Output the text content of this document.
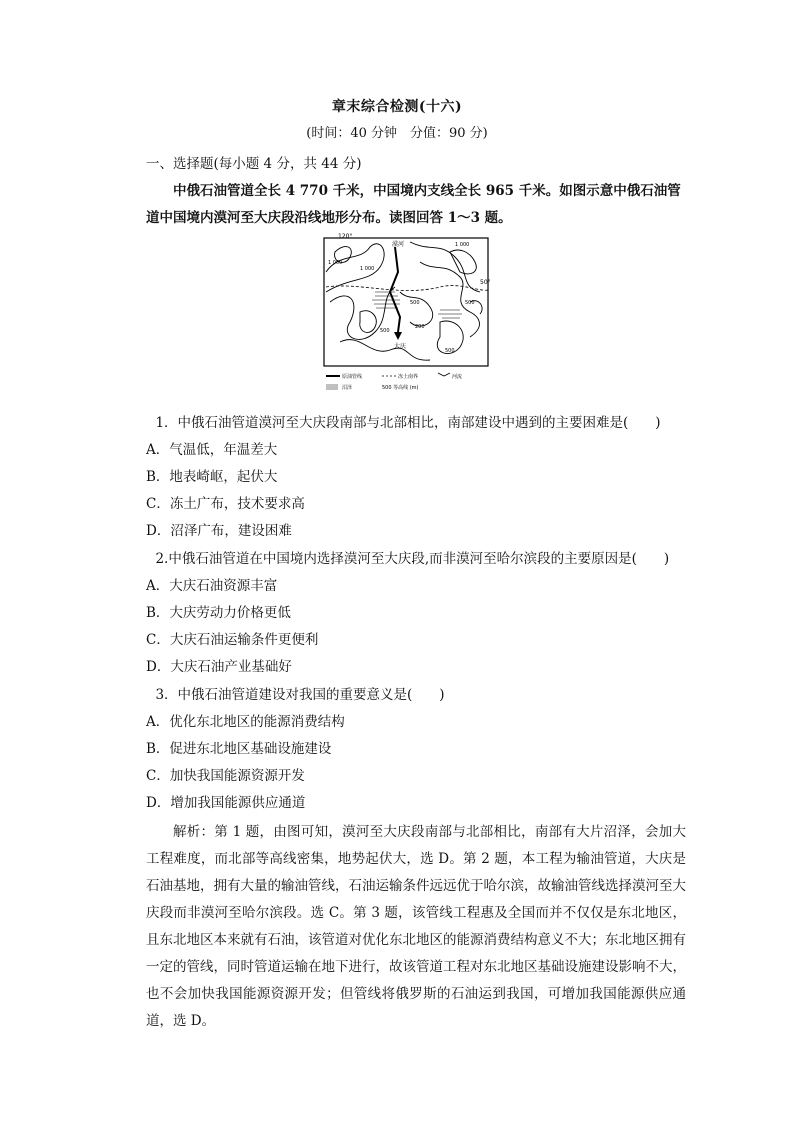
章末综合检测(十六)
(时间：40 分钟　分值：90 分)
一、选择题(每小题 4 分，共 44 分)
中俄石油管道全长 4 770 千米，中国境内支线全长 965 千米。如图示意中俄石油管道中国境内漠河至大庆段沿线地形分布。读图回答 1～3 题。
120°
50°
漠河
大庆
1 000
1 000
1 000
500	500
500
200
500
原油管线	冻土南界	河流
沼泽	500 等高线 (m)

1．中俄石油管道漠河至大庆段南部与北部相比，南部建设中遇到的主要困难是(　　)

A．气温低，年温差大

B．地表崎岖，起伏大

C．冻土广布，技术要求高

D．沼泽广布，建设困难

2.中俄石油管道在中国境内选择漠河至大庆段,而非漠河至哈尔滨段的主要原因是(　　)

A．大庆石油资源丰富

B．大庆劳动力价格更低

C．大庆石油运输条件更便利

D．大庆石油产业基础好

3．中俄石油管道建设对我国的重要意义是(　　)

A．优化东北地区的能源消费结构

B．促进东北地区基础设施建设

C．加快我国能源资源开发

D．增加我国能源供应通道

解析：第 1 题，由图可知，漠河至大庆段南部与北部相比，南部有大片沼泽，会加大工程难度，而北部等高线密集，地势起伏大，选 D。第 2 题，本工程为输油管道，大庆是石油基地，拥有大量的输油管线，石油运输条件远远优于哈尔滨，故输油管线选择漠河至大庆段而非漠河至哈尔滨段。选 C。第 3 题，该管线工程惠及全国而并不仅仅是东北地区，且东北地区本来就有石油，该管道对优化东北地区的能源消费结构意义不大；东北地区拥有一定的管线，同时管道运输在地下进行，故该管道工程对东北地区基础设施建设影响不大，也不会加快我国能源资源开发；但管线将俄罗斯的石油运到我国，可增加我国能源供应通道，选 D。
